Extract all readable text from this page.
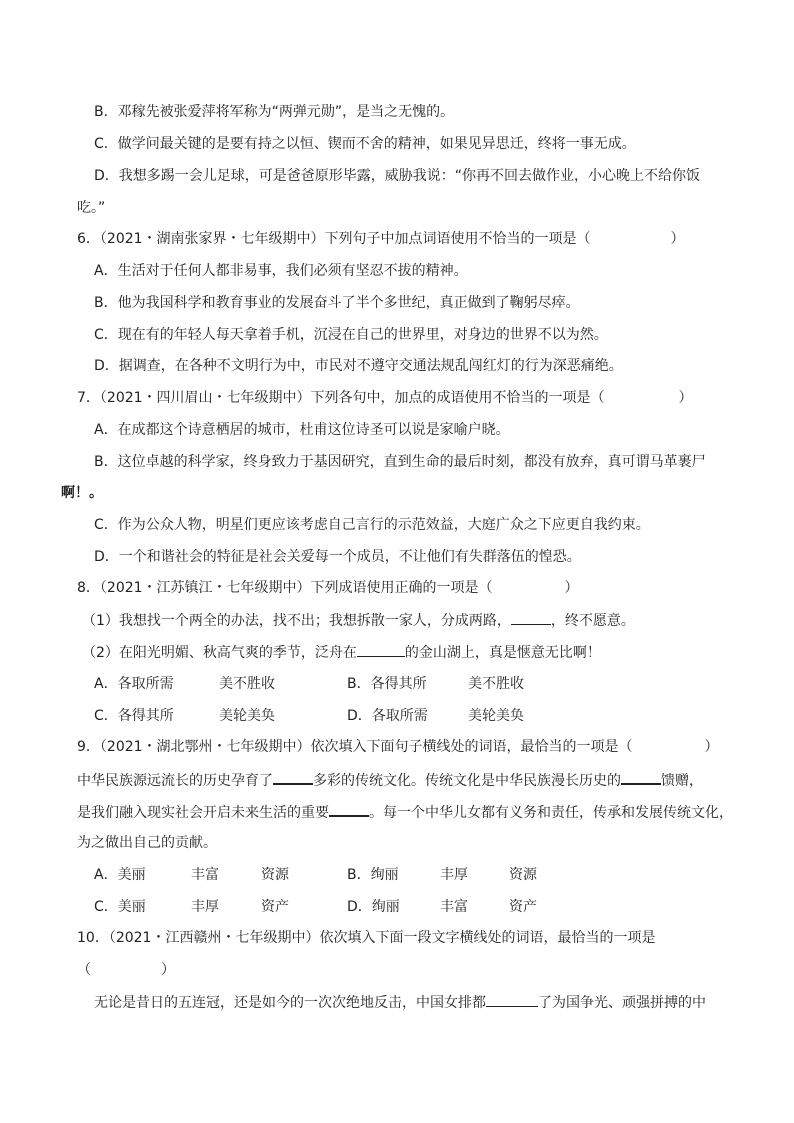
B．邓稼先被张爱萍将军称为“两弹元勋”，是当之无愧的。
C．做学问最关键的是要有持之以恒、锲而不舍的精神，如果见异思迁，终将一事无成。
D．我想多踢一会儿足球，可是爸爸原形毕露，威胁我说：“你再不回去做作业，小心晚上不给你饭
吃。”
6．（2021・湖南张家界・七年级期中）下列句子中加点词语使用不恰当的一项是（	）
A．生活对于任何人都非易事，我们必须有坚忍不拔的精神。
B．他为我国科学和教育事业的发展奋斗了半个多世纪，真正做到了鞠躬尽瘁。
C．现在有的年轻人每天拿着手机，沉浸在自己的世界里，对身边的世界不以为然。
D．据调查，在各种不文明行为中，市民对不遵守交通法规乱闯红灯的行为深恶痛绝。
7．（2021・四川眉山・七年级期中）下列各句中，加点的成语使用不恰当的一项是（	）
A．在成都这个诗意栖居的城市，杜甫这位诗圣可以说是家喻户晓。
B．这位卓越的科学家，终身致力于基因研究，直到生命的最后时刻，都没有放弃，真可谓马革裹尸
啊！。
C．作为公众人物，明星们更应该考虑自己言行的示范效益，大庭广众之下应更自我约束。
D．一个和谐社会的特征是社会关爱每一个成员，不让他们有失群落伍的惶恐。
8．（2021・江苏镇江・七年级期中）下列成语使用正确的一项是（	）
（1）我想找一个两全的办法，找不出；我想拆散一家人，分成两路，	，终不愿意。
（2）在阳光明媚、秋高气爽的季节，泛舟在	的金山湖上，真是惬意无比啊！
A．各取所需	美不胜收	B．各得其所	美不胜收
C．各得其所	美轮美奂	D．各取所需	美轮美奂
9．（2021・湖北鄂州・七年级期中）依次填入下面句子横线处的词语，最恰当的一项是（	）
中华民族源远流长的历史孕育了	多彩的传统文化。传统文化是中华民族漫长历史的	馈赠，
是我们融入现实社会开启未来生活的重要	。每一个中华儿女都有义务和责任，传承和发展传统文化，
为之做出自己的贡献。
A．美丽	丰富	资源	B．绚丽	丰厚	资源
C．美丽	丰厚	资产	D．绚丽	丰富	资产
10．（2021・江西赣州・七年级期中）依次填入下面一段文字横线处的词语，最恰当的一项是
（	）
无论是昔日的五连冠，还是如今的一次次绝地反击，中国女排都	了为国争光、顽强拼搏的中
